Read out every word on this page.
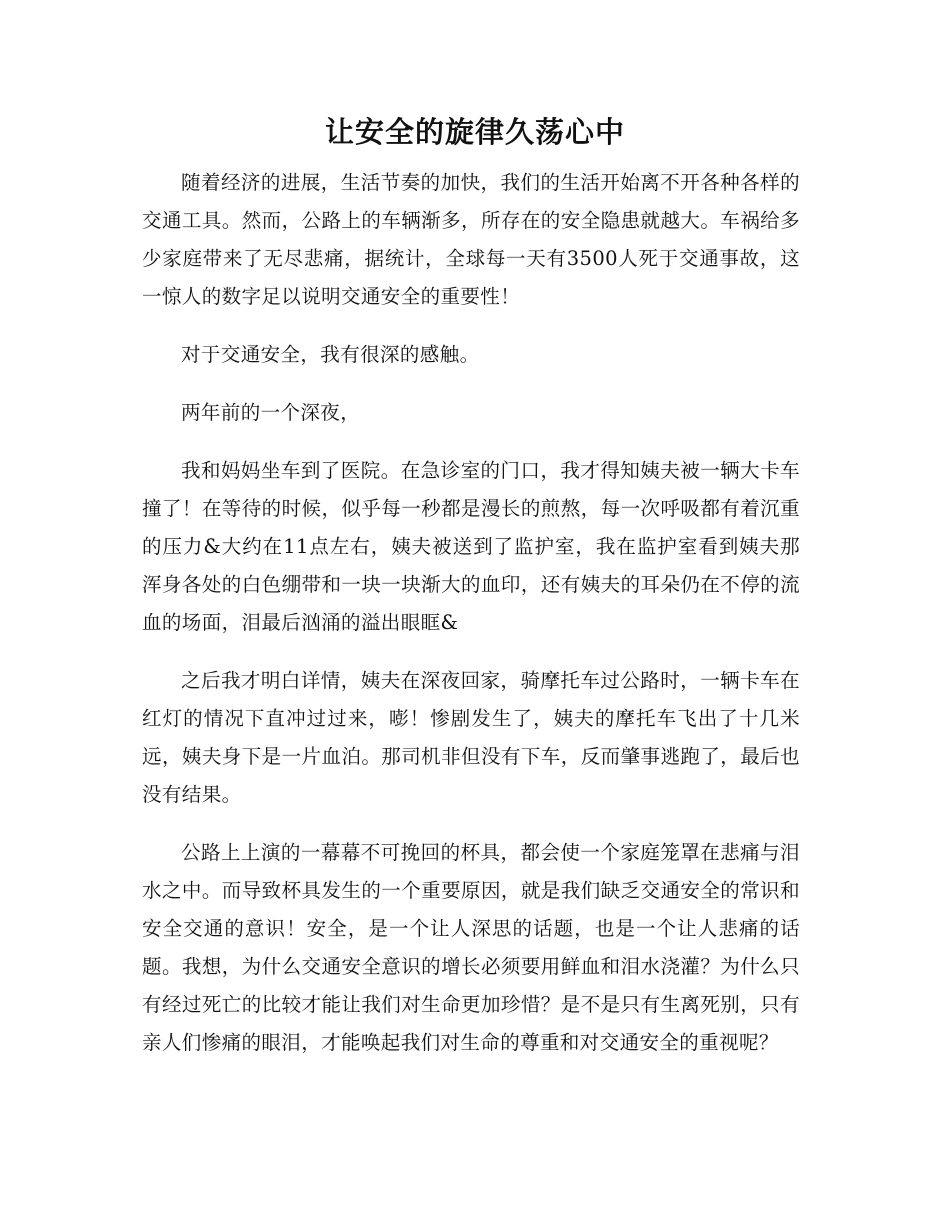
让安全的旋律久荡心中

随着经济的进展，生活节奏的加快，我们的生活开始离不开各种各样的交通工具。然而，公路上的车辆渐多，所存在的安全隐患就越大。车祸给多少家庭带来了无尽悲痛，据统计，全球每一天有3500人死于交通事故，这一惊人的数字足以说明交通安全的重要性！

对于交通安全，我有很深的感触。

两年前的一个深夜，

我和妈妈坐车到了医院。在急诊室的门口，我才得知姨夫被一辆大卡车撞了！在等待的时候，似乎每一秒都是漫长的煎熬，每一次呼吸都有着沉重的压力&大约在11点左右，姨夫被送到了监护室，我在监护室看到姨夫那浑身各处的白色绷带和一块一块渐大的血印，还有姨夫的耳朵仍在不停的流血的场面，泪最后汹涌的溢出眼眶&

之后我才明白详情，姨夫在深夜回家，骑摩托车过公路时，一辆卡车在红灯的情况下直冲过过来，嘭！惨剧发生了，姨夫的摩托车飞出了十几米远，姨夫身下是一片血泊。那司机非但没有下车，反而肇事逃跑了，最后也没有结果。

公路上上演的一幕幕不可挽回的杯具，都会使一个家庭笼罩在悲痛与泪水之中。而导致杯具发生的一个重要原因，就是我们缺乏交通安全的常识和安全交通的意识！安全，是一个让人深思的话题，也是一个让人悲痛的话题。我想，为什么交通安全意识的增长必须要用鲜血和泪水浇灌？为什么只有经过死亡的比较才能让我们对生命更加珍惜？是不是只有生离死别，只有亲人们惨痛的眼泪，才能唤起我们对生命的尊重和对交通安全的重视呢？
